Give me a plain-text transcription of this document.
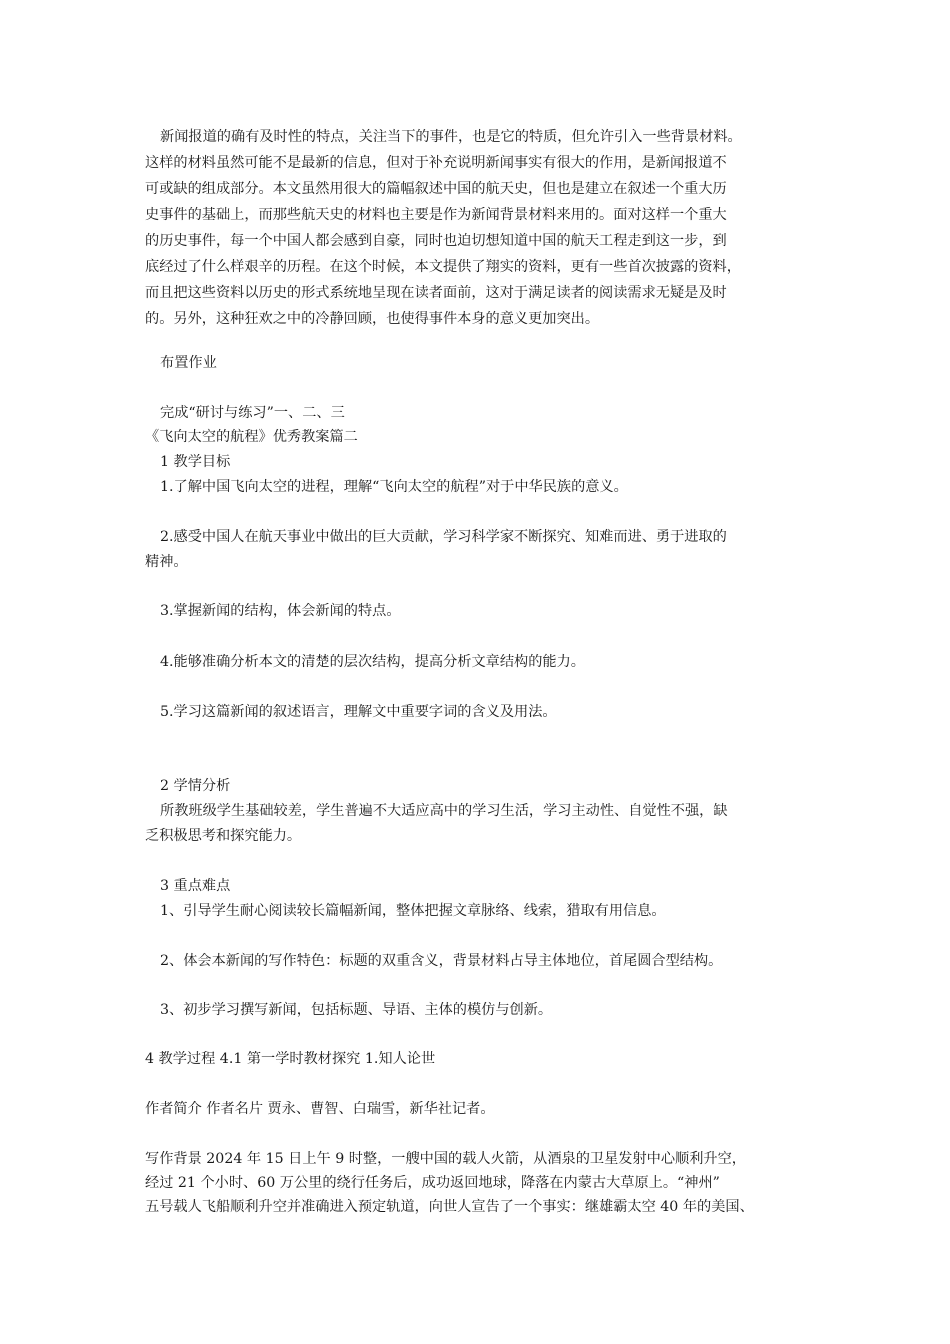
新闻报道的确有及时性的特点，关注当下的事件，也是它的特质，但允许引入一些背景材料。
这样的材料虽然可能不是最新的信息，但对于补充说明新闻事实有很大的作用，是新闻报道不
可或缺的组成部分。本文虽然用很大的篇幅叙述中国的航天史，但也是建立在叙述一个重大历
史事件的基础上，而那些航天史的材料也主要是作为新闻背景材料来用的。面对这样一个重大
的历史事件，每一个中国人都会感到自豪，同时也迫切想知道中国的航天工程走到这一步，到
底经过了什么样艰辛的历程。在这个时候，本文提供了翔实的资料，更有一些首次披露的资料，
而且把这些资料以历史的形式系统地呈现在读者面前，这对于满足读者的阅读需求无疑是及时
的。另外，这种狂欢之中的冷静回顾，也使得事件本身的意义更加突出。
布置作业
完成“研讨与练习”一、二、三
《飞向太空的航程》优秀教案篇二
1 教学目标
1.了解中国飞向太空的进程，理解“飞向太空的航程”对于中华民族的意义。
2.感受中国人在航天事业中做出的巨大贡献，学习科学家不断探究、知难而进、勇于进取的
精神。
3.掌握新闻的结构，体会新闻的特点。
4.能够准确分析本文的清楚的层次结构，提高分析文章结构的能力。
5.学习这篇新闻的叙述语言，理解文中重要字词的含义及用法。
2 学情分析
所教班级学生基础较差，学生普遍不大适应高中的学习生活，学习主动性、自觉性不强，缺
乏积极思考和探究能力。
3 重点难点
1、引导学生耐心阅读较长篇幅新闻，整体把握文章脉络、线索，猎取有用信息。
2、体会本新闻的写作特色：标题的双重含义，背景材料占导主体地位，首尾圆合型结构。
3、初步学习撰写新闻，包括标题、导语、主体的模仿与创新。
4 教学过程 4.1 第一学时教材探究 1.知人论世
作者简介 作者名片 贾永、曹智、白瑞雪，新华社记者。
写作背景 2024 年 15 日上午 9 时整，一艘中国的载人火箭，从酒泉的卫星发射中心顺利升空，
经过 21 个小时、60 万公里的绕行任务后，成功返回地球，降落在内蒙古大草原上。“神州”
五号载人飞船顺利升空并准确进入预定轨道，向世人宣告了一个事实：继雄霸太空 40 年的美国、
